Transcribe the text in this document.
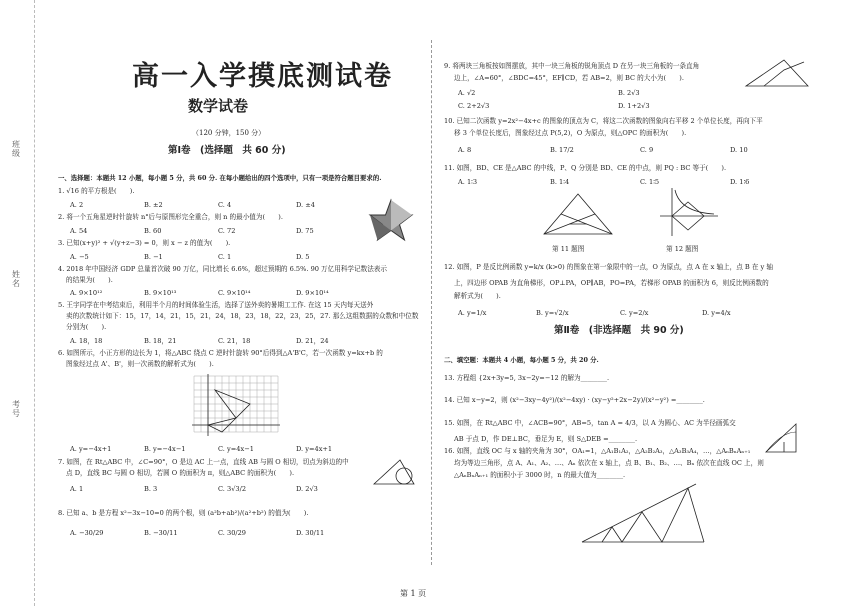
班级
姓名
考号
高一入学摸底测试卷
数学试卷
（120 分钟，150 分）
第Ⅰ卷　(选择题　共 60 分)
一、选择题：本题共 12 小题，每小题 5 分，共 60 分. 在每小题给出的四个选项中，只有一项是符合题目要求的.
1. √16 的平方根是(　　).
A. 2	B. ±2	C. 4	D. ±4
2. 将一个五角星逆时针旋转 n°后与原图形完全重合，则 n 的最小值为(　　).
A. 54	B. 60	C. 72	D. 75
3. 已知(x+y)² + √(y+z−3) = 0，则 x − z 的值为(　　).
A. −5	B. −1	C. 1	D. 5
4. 2018 年中国经济 GDP 总量首次破 90 万亿，同比增长 6.6%，超过预期的 6.5%. 90 万亿用科学记数法表示
的结果为(　　).
A. 9×10¹²	B. 9×10¹³	C. 9×10¹⁴	D. 9×10¹⁴
5. 王宇同学在中考结束后，利用半个月的时间体验生活，选择了送外卖的暑期工工作. 在这 15 天内每天送外
卖的次数统计如下：15，17，14，21，15，21，24，18，23，18，22，23，25，27. 那么这组数据的众数和中位数
分别为(　　).
A. 18，18	B. 18，21	C. 21，18	D. 21，24
6. 如图所示，小正方形的边长为 1，将△ABC 绕点 C 逆时针旋转 90°后得到△A'B'C，若一次函数 y=kx+b 的
图象经过点 A'、B'，则一次函数的解析式为(　　).
A. y=−4x+1	B. y=−4x−1	C. y=4x−1	D. y=4x+1
7. 如图，在 Rt△ABC 中，∠C=90°，O 是边 AC 上一点，直线 AB 与圆 O 相切，切点为斜边的中
点 D，直线 BC 与圆 O 相切，若圆 O 的面积为 π，则△ABC 的面积为(　　).
A. 1	B. 3	C. 3√3/2	D. 2√3
8. 已知 a、b 是方程 x²−3x−10=0 的两个根，则 (a²b+ab²)/(a²+b²) 的值为(　　).
A. −30/29	B. −30/11	C. 30/29	D. 30/11
9. 将两块三角板按如图摆放，其中一块三角板的锐角顶点 D 在另一块三角板的一条直角
边上，∠A=60°，∠BDC=45°，EF∥CD，若 AB=2，则 BC 的大小为(　　).
A. √2	B. 2√3
C. 2+2√3	D. 1+2√3
10. 已知二次函数 y=2x²−4x+c 的图象的顶点为 C，将这二次函数的图象向右平移 2 个单位长度，再向下平
移 3 个单位长度后，图象经过点 P(5,2)，O 为原点，则△OPC 的面积为(　　).
A. 8	B. 17/2	C. 9	D. 10
11. 如图，BD、CE 是△ABC 的中线，P、Q 分别是 BD、CE 的中点，则 PQ : BC 等于(　　).
A. 1∶3	B. 1∶4	C. 1∶5	D. 1∶6
第 11 题图	第 12 题图
12. 如图，P 是反比例函数 y=k/x (k>0) 的图象在第一象限中的一点，O 为原点，点 A 在 x 轴上，点 B 在 y 轴
上，四边形 OPAB 为直角梯形，OP⊥PA，OP∥AB，PO=PA，若梯形 OPAB 的面积为 6，则反比例函数的
解析式为(　　).
A. y=1/x	B. y=√2/x	C. y=2/x	D. y=4/x
第Ⅱ卷　(非选择题　共 90 分)
二、填空题：本题共 4 小题，每小题 5 分，共 20 分.
13. 方程组 {2x+3y=5, 3x−2y=−12 的解为________.
14. 已知 x−y=2，则 (x²−3xy−4y²)/(x²−4xy) · (xy−y²+2x−2y)/(x²−y²) =________.
15. 如图，在 Rt△ABC 中，∠ACB=90°，AB=5，tan A = 4/3，以 A 为圆心、AC 为半径画弧交
AB 于点 D，作 DE⊥BC，垂足为 E，则 S△DEB =________.
16. 如图，直线 OC 与 x 轴的夹角为 30°，OA₁=1，△A₁B₁A₂，△A₂B₂A₃，△A₃B₃A₄，…，△AₙBₙAₙ₊₁
均为等边三角形，点 A、A₁、A₂、…、Aₙ 依次在 x 轴上，点 B、B₁、B₂、…、Bₙ 依次在直线 OC 上，则
△AₙBₙAₙ₊₁ 的面积小于 3000 时，n 的最大值为________.
第 1 页
